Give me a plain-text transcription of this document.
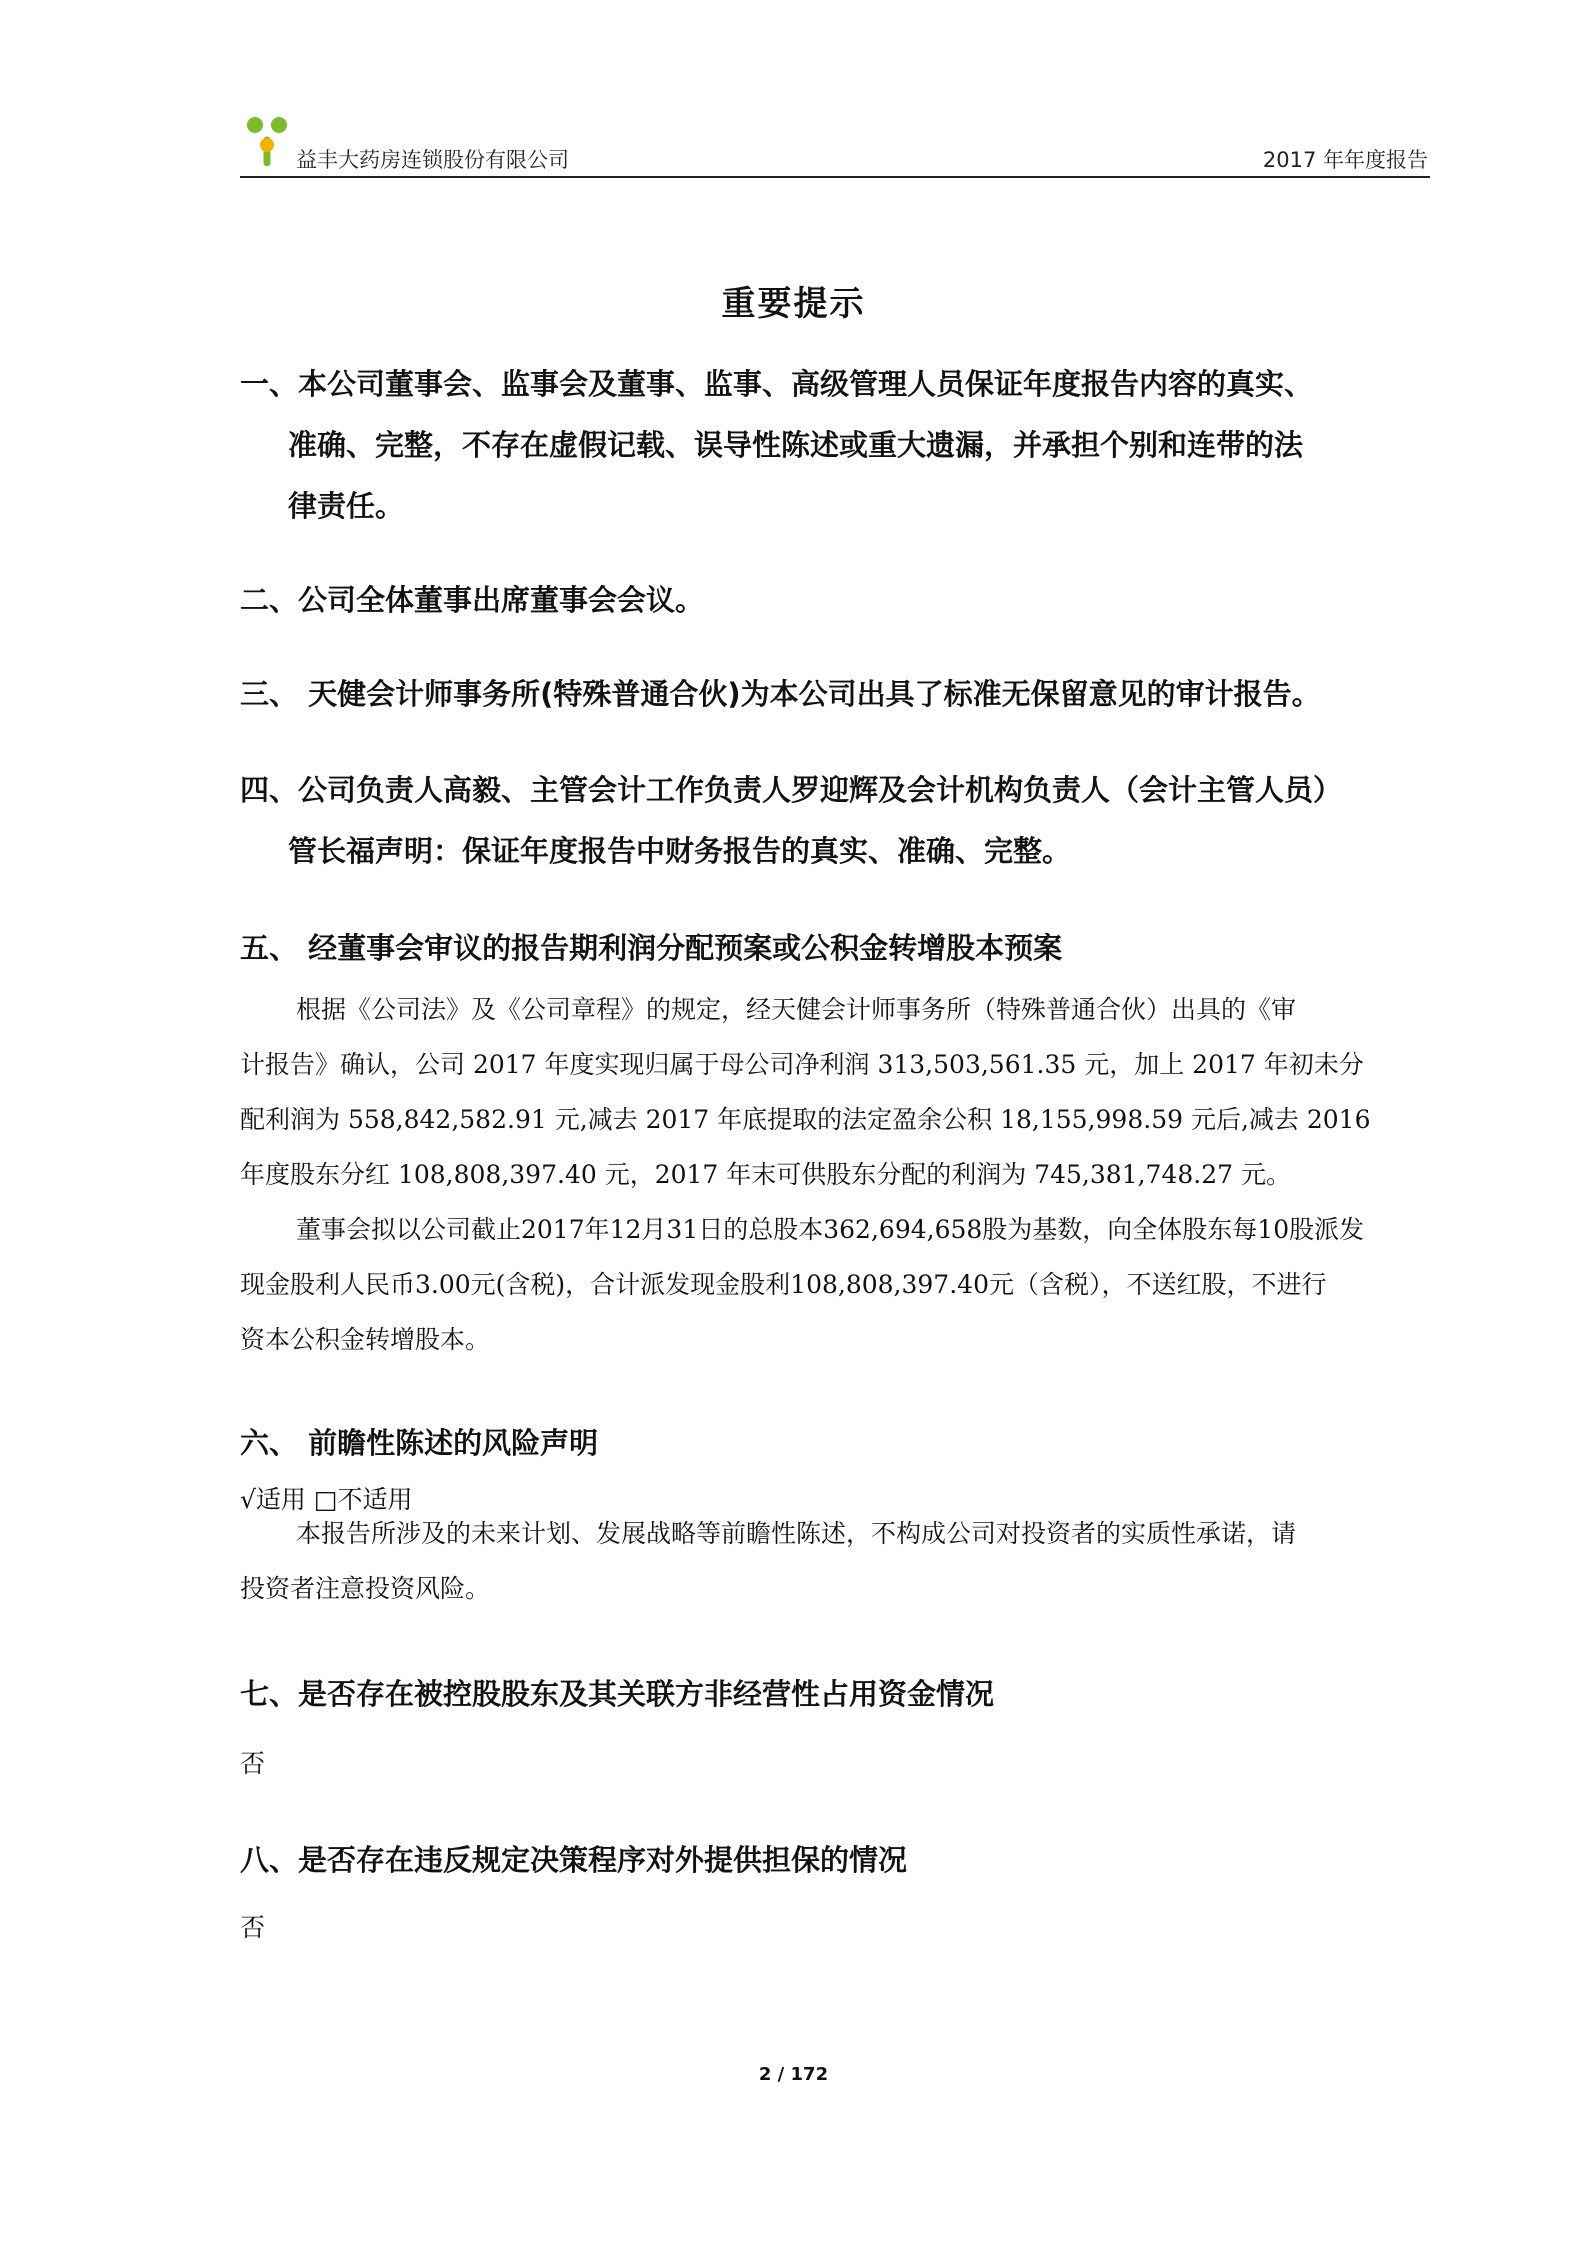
益丰大药房连锁股份有限公司	2017 年年度报告
重要提示
一、本公司董事会、监事会及董事、监事、高级管理人员保证年度报告内容的真实、
准确、完整，不存在虚假记载、误导性陈述或重大遗漏，并承担个别和连带的法
律责任。
二、公司全体董事出席董事会会议。
三、 天健会计师事务所(特殊普通合伙)为本公司出具了标准无保留意见的审计报告。
四、公司负责人高毅、主管会计工作负责人罗迎辉及会计机构负责人（会计主管人员）
管长福声明：保证年度报告中财务报告的真实、准确、完整。
五、 经董事会审议的报告期利润分配预案或公积金转增股本预案
根据《公司法》及《公司章程》的规定，经天健会计师事务所（特殊普通合伙）出具的《审
计报告》确认，公司 2017 年度实现归属于母公司净利润 313,503,561.35 元，加上 2017 年初未分
配利润为 558,842,582.91 元,减去 2017 年底提取的法定盈余公积 18,155,998.59 元后,减去 2016
年度股东分红 108,808,397.40 元，2017 年末可供股东分配的利润为 745,381,748.27 元。
董事会拟以公司截止2017年12月31日的总股本362,694,658股为基数，向全体股东每10股派发
现金股利人民币3.00元(含税)，合计派发现金股利108,808,397.40元（含税），不送红股，不进行
资本公积金转增股本。
六、 前瞻性陈述的风险声明
√适用 □不适用
本报告所涉及的未来计划、发展战略等前瞻性陈述，不构成公司对投资者的实质性承诺，请
投资者注意投资风险。
七、是否存在被控股股东及其关联方非经营性占用资金情况
否
八、是否存在违反规定决策程序对外提供担保的情况
否
2 / 172
